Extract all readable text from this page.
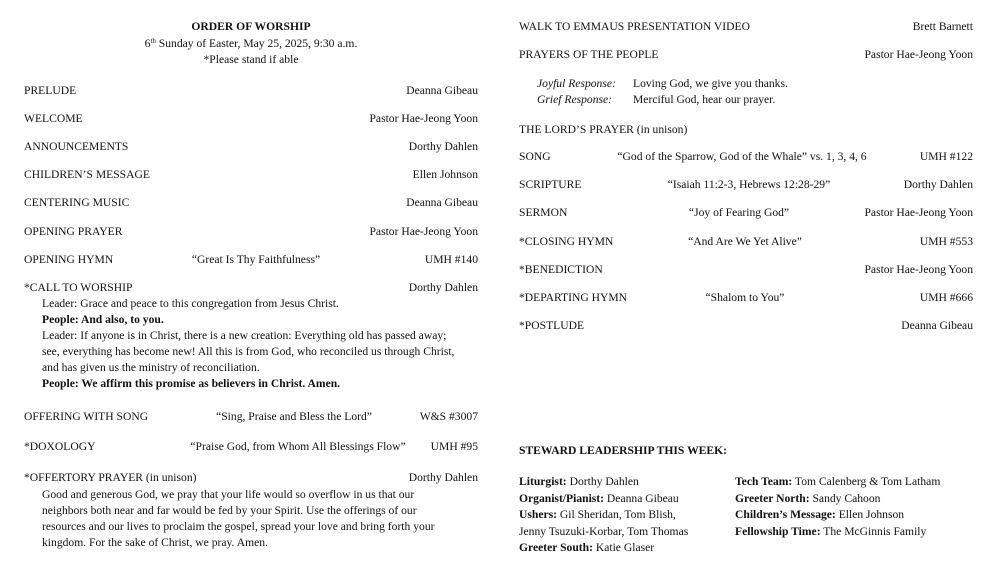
ORDER OF WORSHIP
6th Sunday of Easter, May 25, 2025, 9:30 a.m.
*Please stand if able
PRELUDE	Deanna Gibeau
WELCOME	Pastor Hae-Jeong Yoon
ANNOUNCEMENTS	Dorthy Dahlen
CHILDREN’S MESSAGE	Ellen Johnson
CENTERING MUSIC	Deanna Gibeau
OPENING PRAYER	Pastor Hae-Jeong Yoon
OPENING HYMN	“Great Is Thy Faithfulness”	UMH #140
*CALL TO WORSHIP	Dorthy Dahlen
Leader: Grace and peace to this congregation from Jesus Christ.
People: And also, to you.
Leader: If anyone is in Christ, there is a new creation: Everything old has passed away;
see, everything has become new! All this is from God, who reconciled us through Christ,
and has given us the ministry of reconciliation.
People: We affirm this promise as believers in Christ. Amen.
OFFERING WITH SONG	“Sing, Praise and Bless the Lord”	W&S #3007
*DOXOLOGY	“Praise God, from Whom All Blessings Flow” UMH #95
*OFFERTORY PRAYER (in unison)	Dorthy Dahlen
Good and generous God, we pray that your life would so overflow in us that our
neighbors both near and far would be fed by your Spirit. Use the offerings of our
resources and our lives to proclaim the gospel, spread your love and bring forth your
kingdom. For the sake of Christ, we pray. Amen.
WALK TO EMMAUS PRESENTATION VIDEO	Brett Barnett
PRAYERS OF THE PEOPLE	Pastor Hae-Jeong Yoon
Joyful Response: Loving God, we give you thanks.
Grief Response: Merciful God, hear our prayer.
THE LORD’S PRAYER (in unison)
SONG	“God of the Sparrow, God of the Whale” vs. 1, 3, 4, 6	UMH #122
SCRIPTURE	“Isaiah 11:2-3, Hebrews 12:28-29”	Dorthy Dahlen
SERMON	“Joy of Fearing God”	Pastor Hae-Jeong Yoon
*CLOSING HYMN	“And Are We Yet Alive”	UMH #553
*BENEDICTION	Pastor Hae-Jeong Yoon
*DEPARTING HYMN	“Shalom to You”	UMH #666
*POSTLUDE	Deanna Gibeau
STEWARD LEADERSHIP THIS WEEK:
Liturgist: Dorthy Dahlen
Organist/Pianist: Deanna Gibeau
Ushers: Gil Sheridan, Tom Blish,
Jenny Tsuzuki-Korbar, Tom Thomas
Greeter South: Katie Glaser
Tech Team: Tom Calenberg & Tom Latham
Greeter North: Sandy Cahoon
Children’s Message: Ellen Johnson
Fellowship Time: The McGinnis Family
